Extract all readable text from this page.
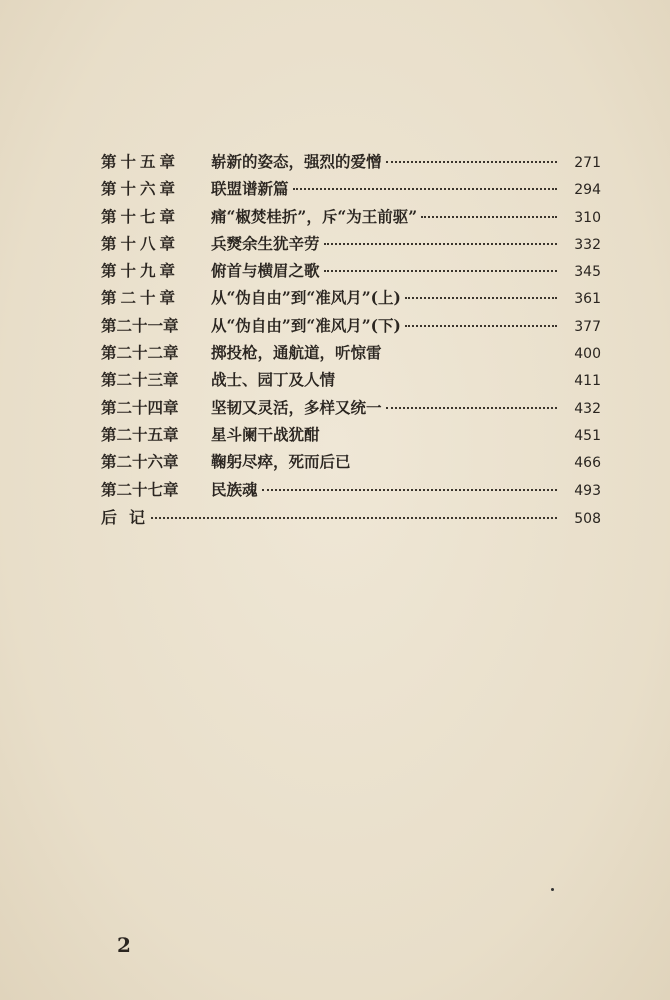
第十五章	崭新的姿态，强烈的爱憎	271
第十六章	联盟谱新篇	294
第十七章	痛“椒焚桂折”，斥“为王前驱”	310
第十八章	兵燹余生犹辛劳	332
第十九章	俯首与横眉之歌	345
第二十章	从“伪自由”到“准风月”(上)	361
第二十一章	从“伪自由”到“准风月”(下)	377
第二十二章	掷投枪，通航道，听惊雷	400
第二十三章	战士、园丁及人情	411
第二十四章	坚韧又灵活，多样又统一	432
第二十五章	星斗阑干战犹酣	451
第二十六章	鞠躬尽瘁，死而后已	466
第二十七章	民族魂	493
后记	508
2
